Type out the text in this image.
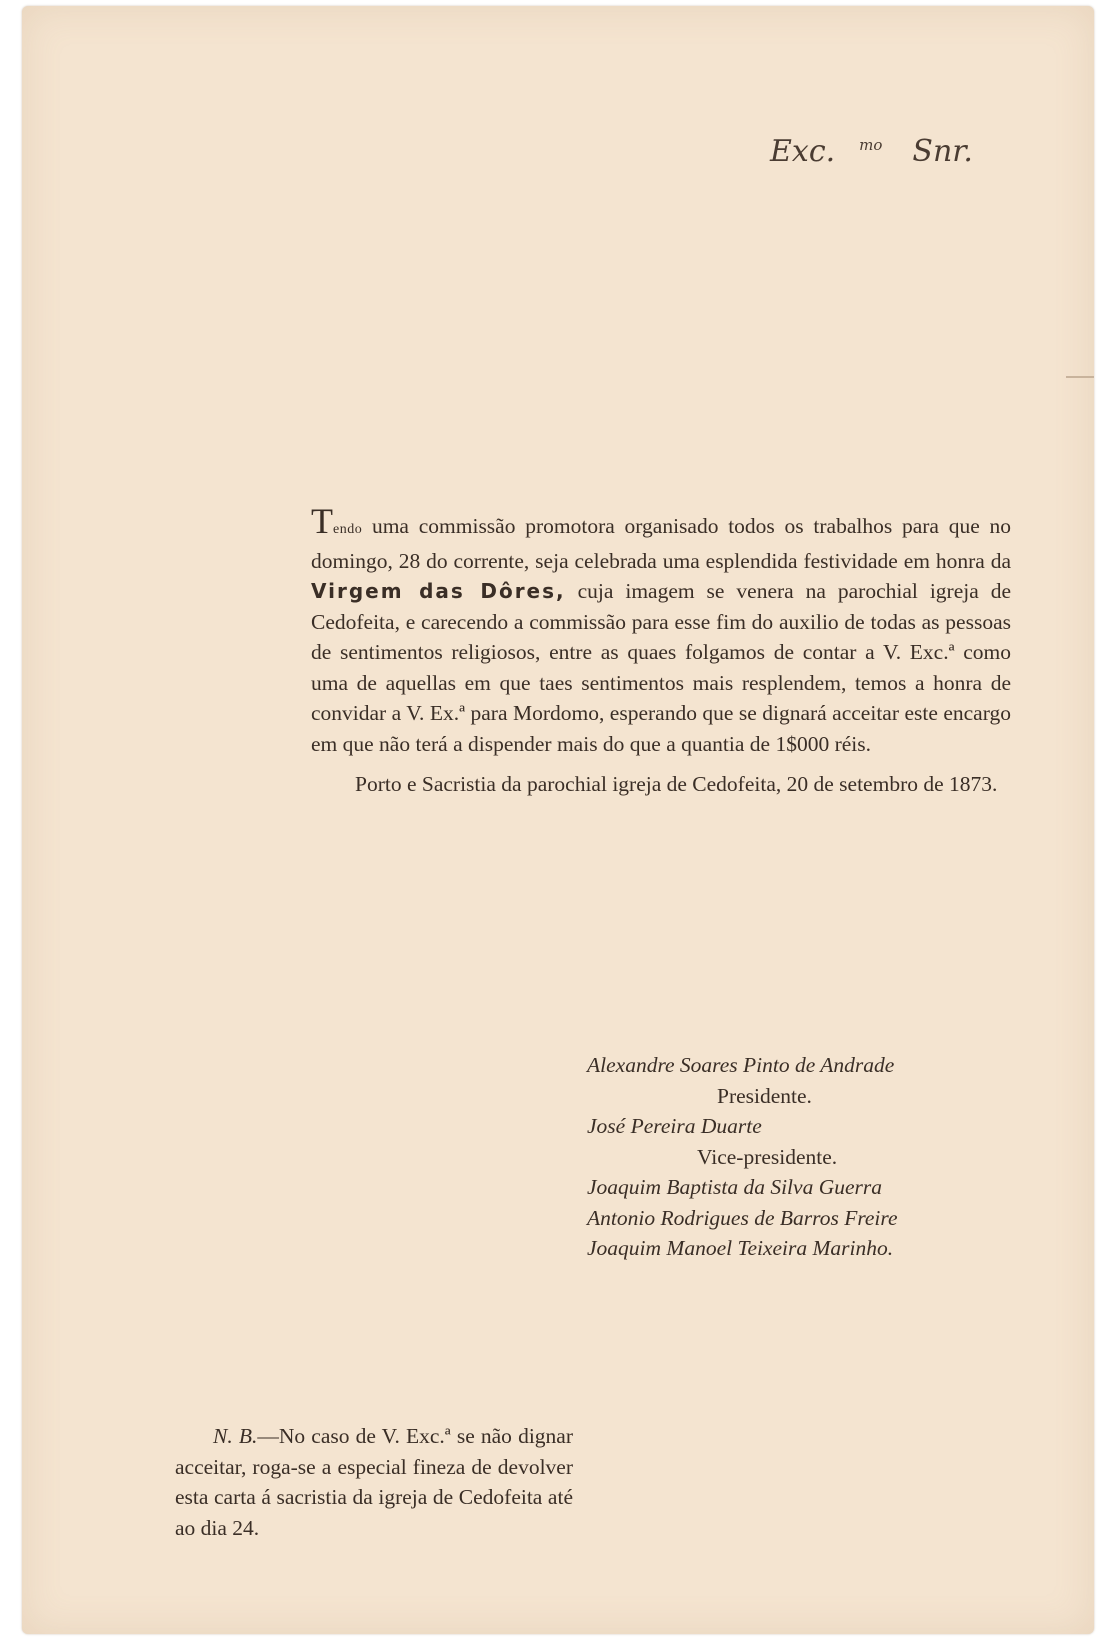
Exc. $^{mo}$ Snr.

Tendo uma commissão promotora organisado todos os trabalhos para que no domingo, 28 do corrente, seja celebrada uma esplendida festividade em honra da Virgem das Dôres, cuja imagem se venera na parochial igreja de Cedofeita, e carecendo a commissão para esse fim do auxilio de todas as pessoas de sentimentos religiosos, entre as quaes folgamos de contar a V. Exc.ª como uma de aquellas em que taes sentimentos mais resplendem, temos a honra de convidar a V. Ex.ª para Mordomo, esperando que se dignará acceitar este encargo em que não terá a dispender mais do que a quantia de 1$000 réis.

Porto e Sacristia da parochial igreja de Cedofeita, 20 de setembro de 1873.

Alexandre Soares Pinto de Andrade
Presidente.
José Pereira Duarte
Vice-presidente.
Joaquim Baptista da Silva Guerra
Antonio Rodrigues de Barros Freire
Joaquim Manoel Teixeira Marinho.

N. B.—No caso de V. Exc.ª se não dignar acceitar, roga-se a especial fineza de devolver esta carta á sacristia da igreja de Cedofeita até ao dia 24.
